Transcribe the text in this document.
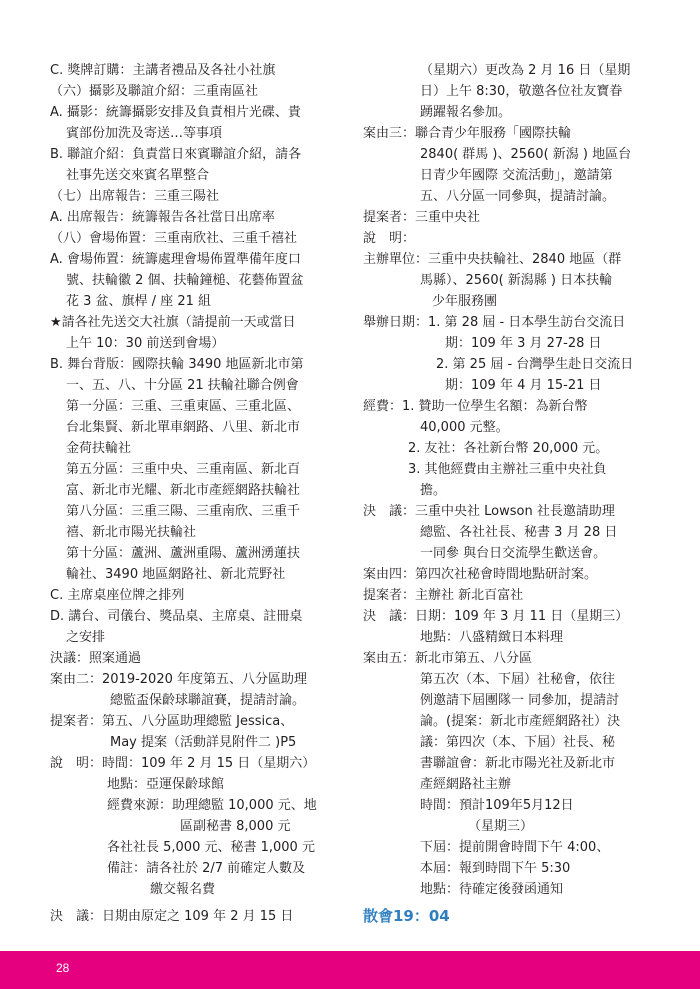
C. 獎牌訂購：主講者禮品及各社小社旗
（六）攝影及聯誼介紹：三重南區社
A. 攝影：統籌攝影安排及負責相片光碟、貴
賓部份加洗及寄送…等事項
B. 聯誼介紹：負責當日來賓聯誼介紹，請各
社事先送交來賓名單整合
（七）出席報告：三重三陽社
A. 出席報告：統籌報告各社當日出席率
（八）會場佈置：三重南欣社、三重千禧社
A. 會場佈置：統籌處理會場佈置準備年度口
號、扶輪徽 2 個、扶輪鐘槌、花藝佈置盆
花 3 盆、旗桿 / 座 21 組
★請各社先送交大社旗（請提前一天或當日
上午 10：30 前送到會場）
B. 舞台背版：國際扶輪 3490 地區新北市第
一、五、八、十分區 21 扶輪社聯合例會
第一分區：三重、三重東區、三重北區、
台北集賢、新北單車網路、八里、新北市
金荷扶輪社
第五分區：三重中央、三重南區、新北百
富、新北市光耀、新北市產經網路扶輪社
第八分區：三重三陽、三重南欣、三重千
禧、新北市陽光扶輪社
第十分區：蘆洲、蘆洲重陽、蘆洲湧蓮扶
輪社、3490 地區網路社、新北荒野社
C. 主席桌座位牌之排列
D. 講台、司儀台、獎品桌、主席桌、註冊桌
之安排
決議：照案通過
案由二：2019-2020 年度第五、八分區助理
總監盃保齡球聯誼賽，提請討論。
提案者：第五、八分區助理總監 Jessica、
May 提案（活動詳見附件二 )P5
說　明：時間：109 年 2 月 15 日（星期六）
地點：亞運保齡球館
經費來源：助理總監 10,000 元、地
區副秘書 8,000 元
各社社長 5,000 元、秘書 1,000 元
備註：請各社於 2/7 前確定人數及
繳交報名費
決　議：日期由原定之 109 年 2 月 15 日
（星期六）更改為 2 月 16 日（星期
日）上午 8:30，敬邀各位社友寶眷
踴躍報名參加。
案由三：聯合青少年服務「國際扶輪
2840( 群馬 )、2560( 新潟 ) 地區台
日青少年國際 交流活動」，邀請第
五、八分區一同參與，提請討論。
提案者：三重中央社
說　明：
主辦單位：三重中央扶輪社、2840 地區（群
馬縣）、2560( 新潟縣 ) 日本扶輪
少年服務團
舉辦日期：1. 第 28 屆 - 日本學生訪台交流日
期：109 年 3 月 27-28 日
2. 第 25 屆 - 台灣學生赴日交流日
期：109 年 4 月 15-21 日
經費：1. 贊助一位學生名額：為新台幣
40,000 元整。
2. 友社：各社新台幣 20,000 元。
3. 其他經費由主辦社三重中央社負
擔。
決　議：三重中央社 Lowson 社長邀請助理
總監、各社社長、秘書 3 月 28 日
一同參 與台日交流學生歡送會。
案由四：第四次社秘會時間地點研討案。
提案者：主辦社 新北百富社
決　議：日期：109 年 3 月 11 日（星期三）
地點：八盛精緻日本料理
案由五：新北市第五、八分區
第五次（本、下屆）社秘會，依往
例邀請下屆團隊一 同參加，提請討
論。(提案：新北市產經網路社）決
議：第四次（本、下屆）社長、秘
書聯誼會：新北市陽光社及新北市
產經網路社主辦
時間：預計109年5月12日
（星期三）
下屆：提前開會時間下午 4:00、
本屆：報到時間下午 5:30
地點：待確定後發函通知
散會19：04
28
